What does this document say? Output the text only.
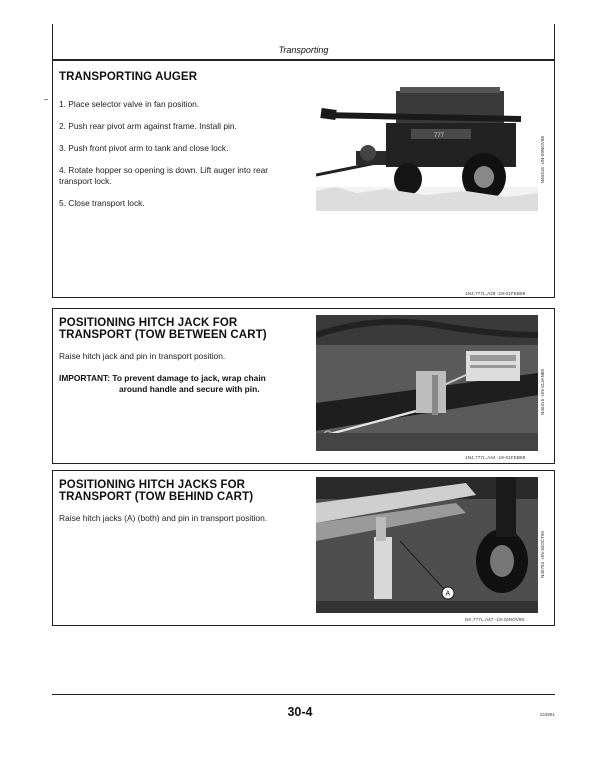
Transporting
TRANSPORTING AUGER
1. Place selector valve in fan position.
2. Push rear pivot arm against frame. Install pin.
3. Push front pivot arm to tank and close lock.
4. Rotate hopper so opening is down. Lift auger into rear
transport lock.
5. Close transport lock.
777	N40318 -UN-09NOV88
1N4,777L,A29 -19-01FEB89
POSITIONING HITCH JACK FOR
TRANSPORT (TOW BETWEEN CART)
Raise hitch jack and pin in transport position.
IMPORTANT: To prevent damage to jack, wrap chain
around handle and secure with pin.	N40415 -UN-31JAN89
1N4,777L,A44 -19-01FEB89
POSITIONING HITCH JACKS FOR
TRANSPORT (TOW BEHIND CART)
Raise hitch jacks (A) (both) and pin in transport position.
A
N40754 -UN-30OCT90
NX,777L,A47 -19-20NOV90
30-4	153991
